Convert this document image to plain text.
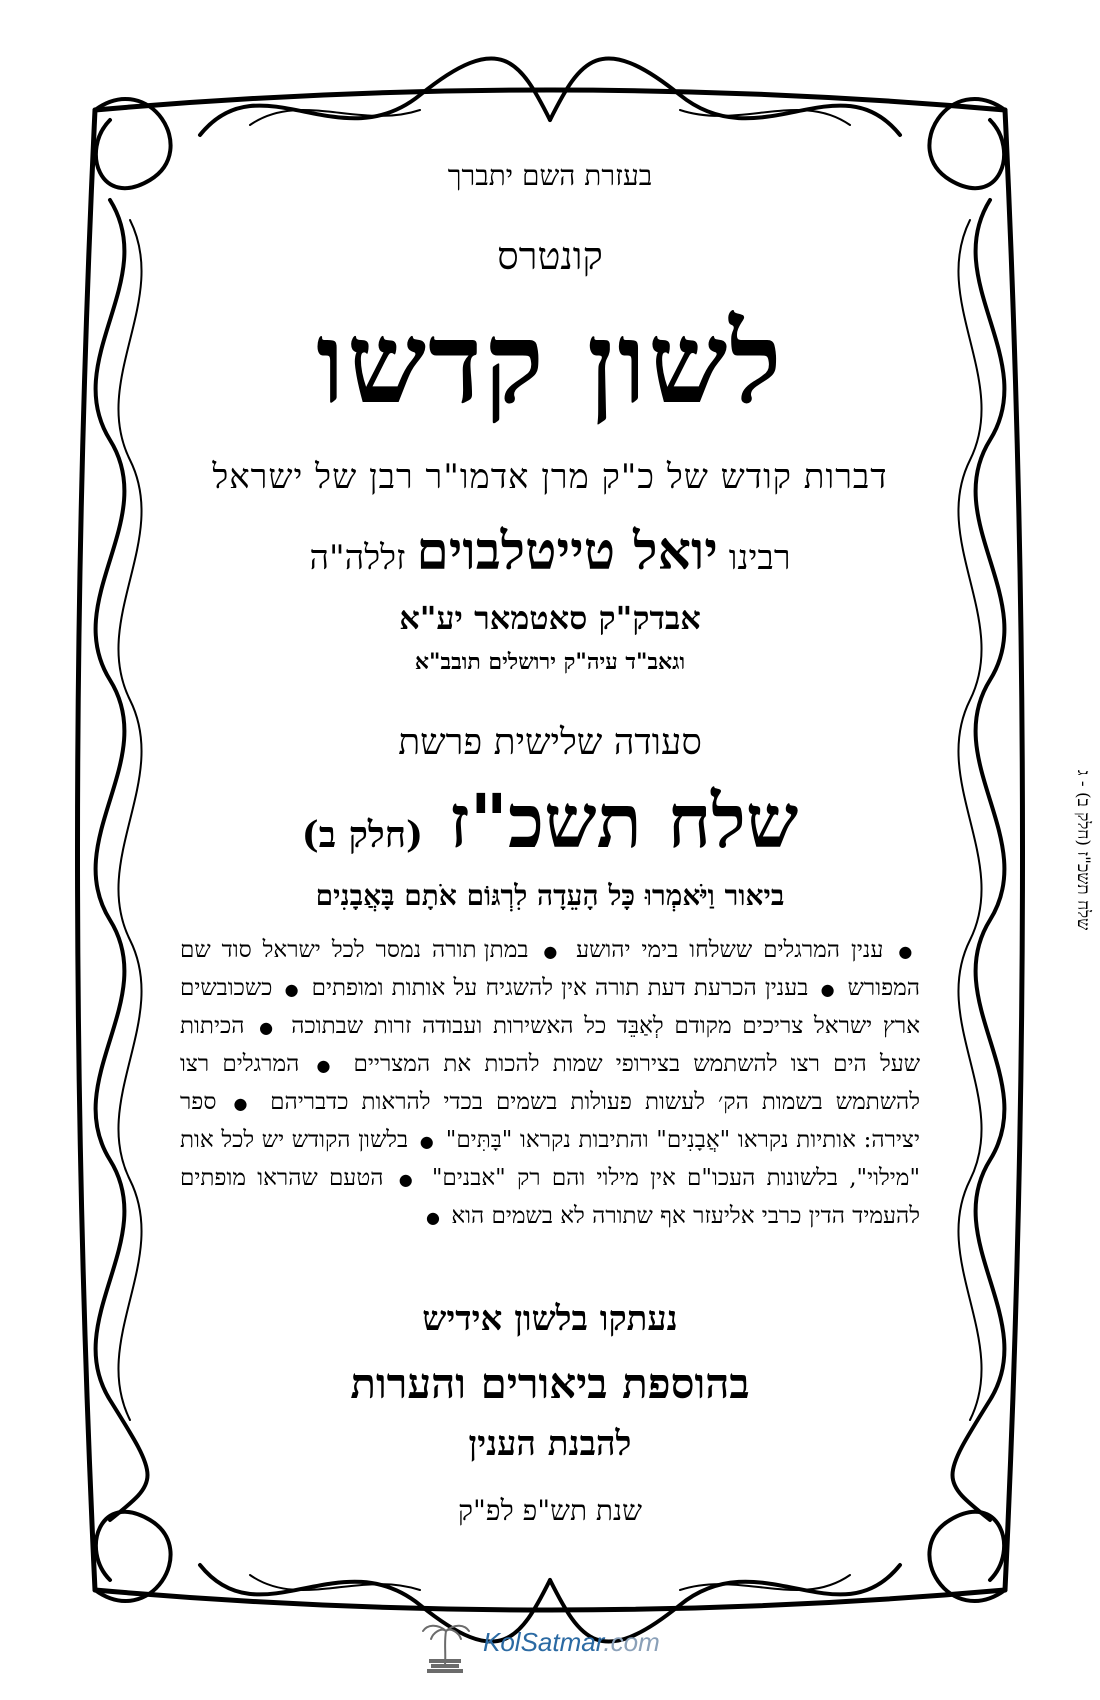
בעזרת השם יתברך
קונטרס
לשון קדשו
דברות קודש של כ"ק מרן אדמו"ר רבן של ישראל
רבינו יואל טייטלבוים זללה"ה
אבדק"ק סאטמאר יע"א
וגאב"ד עיה"ק ירושלים תובב"א
סעודה שלישית פרשת
שלח תשכ"ז (חלק ב)
ביאור וַיֹּאמְרוּ כָּל הָעֵדָה לִרְגּוֹם אֹתָם בָּאֲבָנִים
● ענין המרגלים ששלחו בימי יהושע ● במתן תורה נמסר לכל ישראל סוד שם המפורש ● בענין הכרעת דעת תורה אין להשגיח על אותות ומופתים ● כשכובשים ארץ ישראל צריכים מקודם לְאַבֵּד כל האשירות ועבודה זרות שבתוכה ● הכיתות שעל הים רצו להשתמש בצירופי שמות להכות את המצריים ● המרגלים רצו להשתמש בשמות הק׳ לעשות פעולות בשמים בכדי להראות כדבריהם ● ספר יצירה: אותיות נקראו "אֲבָנִים" והתיבות נקראו "בָּתִּים" ● בלשון הקודש יש לכל אות "מילוי", בלשונות העכו"ם אין מילוי והם רק "אבנים" ● הטעם שהראו מופתים להעמיד הדין כרבי אליעזר אף שתורה לא בשמים הוא ●
נעתקו בלשון אידיש
בהוספת ביאורים והערות
להבנת הענין
שנת תש"פ לפ"ק
שלח תשכ"ז (חלק ב) - ג
KolSatmar.com
